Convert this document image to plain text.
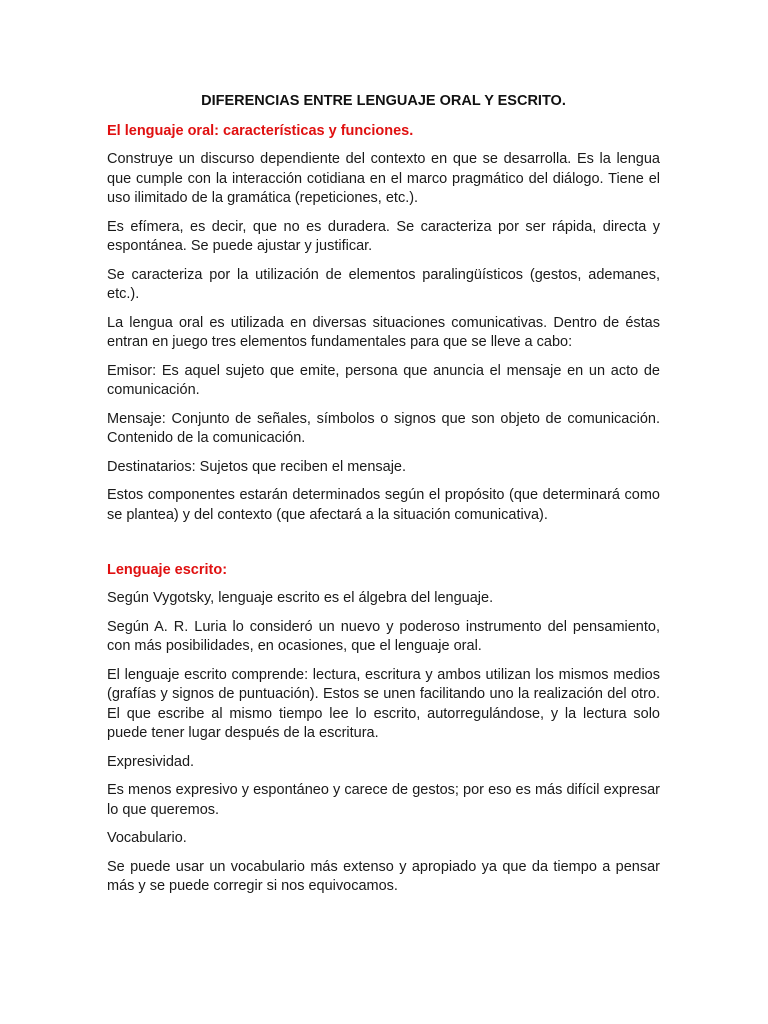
DIFERENCIAS ENTRE LENGUAJE ORAL Y ESCRITO.
El lenguaje oral: características y funciones.

Construye un discurso dependiente del contexto en que se desarrolla. Es la lengua que cumple con la interacción cotidiana en el marco pragmático del diálogo. Tiene el uso ilimitado de la gramática (repeticiones, etc.).

Es efímera, es decir, que no es duradera. Se caracteriza por ser rápida, directa y espontánea. Se puede ajustar y justificar.

Se caracteriza por la utilización de elementos paralingüísticos (gestos, ademanes, etc.).

La lengua oral es utilizada en diversas situaciones comunicativas. Dentro de éstas entran en juego tres elementos fundamentales para que se lleve a cabo:

Emisor: Es aquel sujeto que emite, persona que anuncia el mensaje en un acto de comunicación.

Mensaje: Conjunto de señales, símbolos o signos que son objeto de comunicación. Contenido de la comunicación.

Destinatarios: Sujetos que reciben el mensaje.

Estos componentes estarán determinados según el propósito (que determinará como se plantea) y del contexto (que afectará a la situación comunicativa).

Lenguaje escrito:

Según Vygotsky, lenguaje escrito es el álgebra del lenguaje.

Según A. R. Luria lo consideró un nuevo y poderoso instrumento del pensamiento, con más posibilidades, en ocasiones, que el lenguaje oral.

El lenguaje escrito comprende: lectura, escritura y ambos utilizan los mismos medios (grafías y signos de puntuación). Estos se unen facilitando uno la realización del otro. El que escribe al mismo tiempo lee lo escrito, autorregulándose, y la lectura solo puede tener lugar después de la escritura.

Expresividad.

Es menos expresivo y espontáneo y carece de gestos; por eso es más difícil expresar lo que queremos.

Vocabulario.

Se puede usar un vocabulario más extenso y apropiado ya que da tiempo a pensar más y se puede corregir si nos equivocamos.
